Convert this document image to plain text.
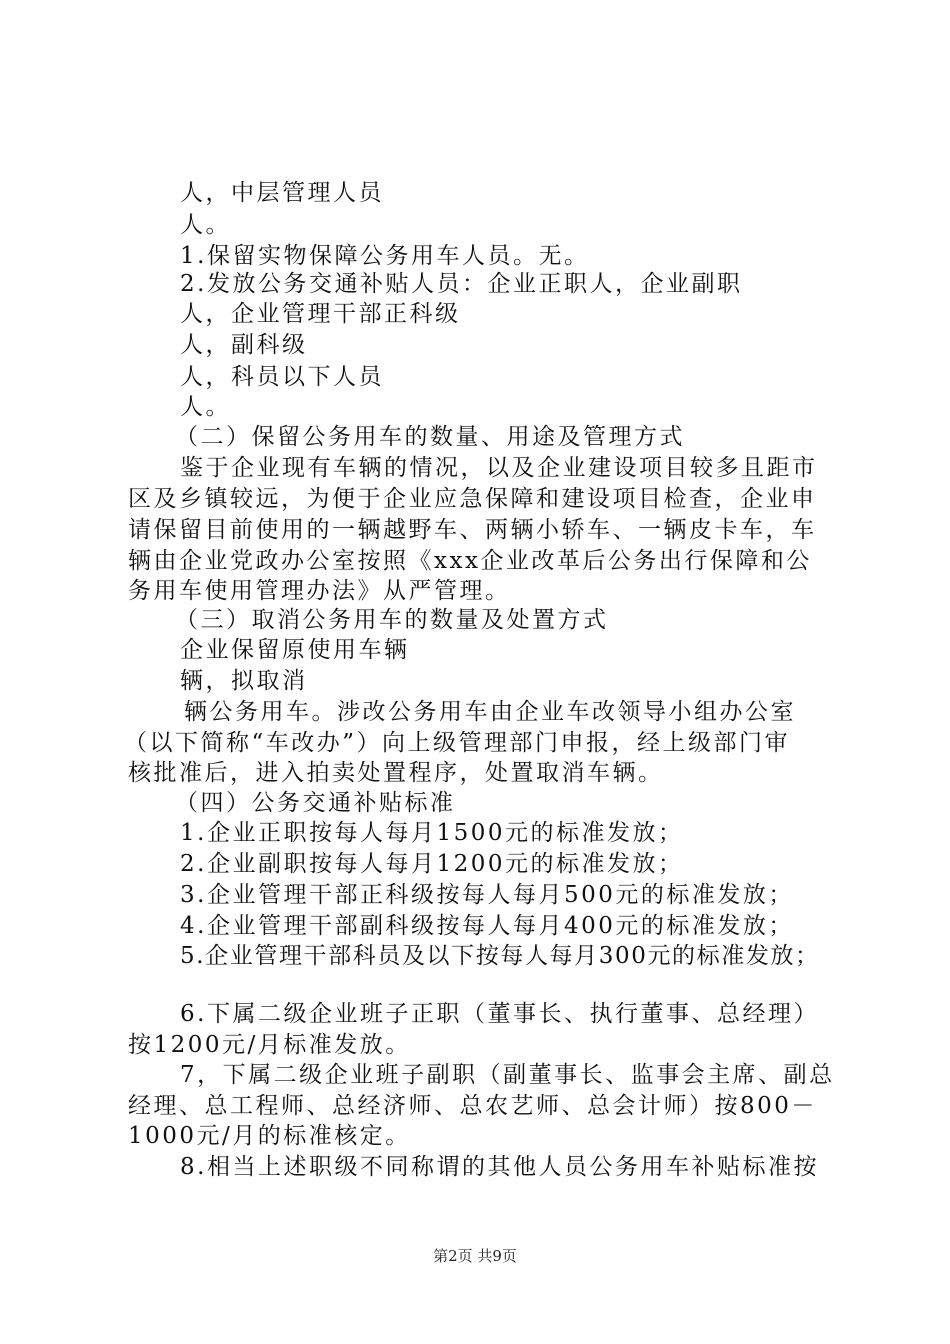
人，中层管理人员
人。
1.保留实物保障公务用车人员。无。
2.发放公务交通补贴人员：企业正职人，企业副职
人，企业管理干部正科级
人，副科级
人，科员以下人员
人。
（二）保留公务用车的数量、用途及管理方式
鉴于企业现有车辆的情况，以及企业建设项目较多且距市
区及乡镇较远，为便于企业应急保障和建设项目检查，企业申
请保留目前使用的一辆越野车、两辆小轿车、一辆皮卡车，车
辆由企业党政办公室按照《xxx企业改革后公务出行保障和公
务用车使用管理办法》从严管理。
（三）取消公务用车的数量及处置方式
企业保留原使用车辆
辆，拟取消
辆公务用车。涉改公务用车由企业车改领导小组办公室
（以下简称“车改办”）向上级管理部门申报，经上级部门审
核批准后，进入拍卖处置程序，处置取消车辆。
（四）公务交通补贴标准
1.企业正职按每人每月1500元的标准发放；
2.企业副职按每人每月1200元的标准发放；
3.企业管理干部正科级按每人每月500元的标准发放；
4.企业管理干部副科级按每人每月400元的标准发放；
5.企业管理干部科员及以下按每人每月300元的标准发放；
6.下属二级企业班子正职（董事长、执行董事、总经理）
按1200元/月标准发放。
7，下属二级企业班子副职（副董事长、监事会主席、副总
经理、总工程师、总经济师、总农艺师、总会计师）按800－
1000元/月的标准核定。
8.相当上述职级不同称谓的其他人员公务用车补贴标准按
第2页 共9页
